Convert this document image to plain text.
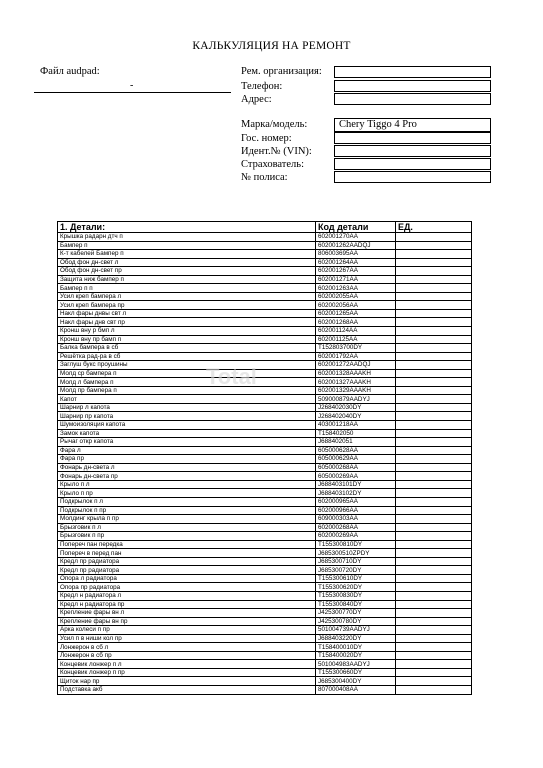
КАЛЬКУЛЯЦИЯ НА РЕМОНТ
Файл audpad:
-
Рем. организация:
Телефон:
Адрес:
Марка/модель:	Chery Tiggo 4 Pro
Гос. номер:
Идент.№ (VIN):
Страхователь:
№ полиса:
1. Детали:	Код детали	ЕД.
Крышка радарн дтч п	602001270AA	
Бампер п	602001262AADQJ	
К-т кабелей Бампер п	806003695AA	
Обод фон дн-свет л	602001264AA	
Обод фон дн-свет пр	602001267AA	
Защита ниж бампер п	602001271AA	
Бампер п п	602001263AA	
Усил креп бампера л	602002055AA	
Усил креп бампера пр	602002056AA	
Накл фары днвы свт л	602001265AA	
Накл фары днв свт пр	602001268AA	
Кронш вну р бмп л	602001124AA	
Кронш вну пр бамп п	602001125AA	
Балка бампера в сб	T152803700DY	
Решётка рад-ра в сб	602001792AA	
Заглуш букс проушины	602001272AADQJ	
Молд ср бампера п	602001328AAAKH	
Молд л бампера п	602001327AAAKH	
Молд пр бампера п	602001329AAAKH	
Капот	509000879AADYJ	
Шарнир л капота	J268402030DY	
Шарнир пр капота	J268402040DY	
Шумоизоляция капота	403001218AA	
Замок капота	T158402050	
Рычаг откр капота	J688402051	
Фара л	605000628AA	
Фара пр	605000629AA	
Фонарь дн-света л	605000268AA	
Фонарь дн-света пр	605000269AA	
Крыло п л	J688403101DY	
Крыло п пр	J688403102DY	
Подкрылок п л	602000965AA	
Подкрылок п пр	602000966AA	
Молдинг крыла п пр	609000303AA	
Брызговик п л	602000268AA	
Брызговик п пр	602000269AA	
Попереч пан передка	T155300810DY	
Попереч в перед пан	J685300510ZPDY	
Кредл пр радиатора	J685300710DY	
Кредл пр радиатора	J685300720DY	
Опора л радиатора	T155300610DY	
Опора пр радиатора	T155300620DY	
Кредл н радиатора л	T155300830DY	
Кредл н радиатора пр	T155300840DY	
Крепление фары вн л	J425300770DY	
Крепление фары вн пр	J425300780DY	
Арка колеси п пр	501004739AADYJ	
Усил п в ниши кол пр	J688403220DY	
Лонжерон в сб л	T158400010DY	
Лонжерон в сб пр	T158400020DY	
Концевик лонжер п л	501004983AADYJ	
Концевик лонжер п пр	T155300660DY	
Щиток нар пр	J685300400DY	
Подставка акб	807000408AA	
Total
